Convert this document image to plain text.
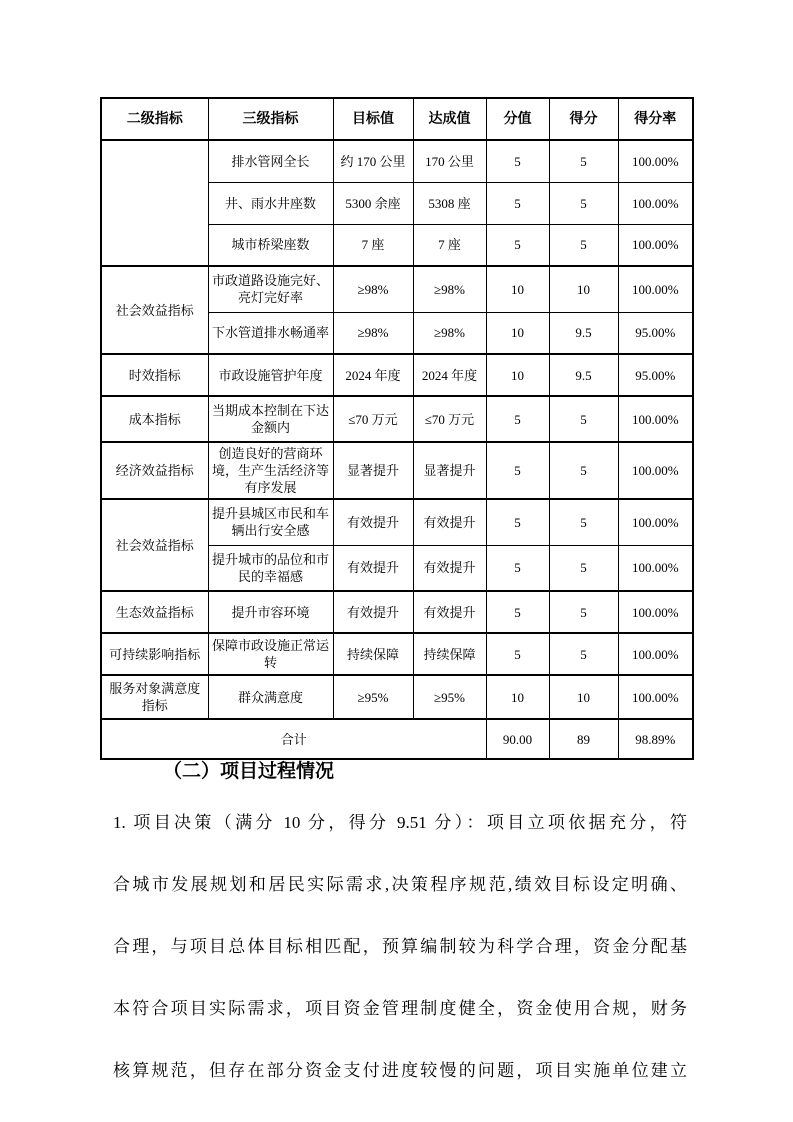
二级指标	三级指标	目标值	达成值	分值	得分	得分率
	排水管网全长	约 170 公里	170 公里	5	5	100.00%
	井、雨水井座数	5300 余座	5308 座	5	5	100.00%
	城市桥梁座数	7 座	7 座	5	5	100.00%
社会效益指标	市政道路设施完好、亮灯完好率	≥98%	≥98%	10	10	100.00%
	下水管道排水畅通率	≥98%	≥98%	10	9.5	95.00%
时效指标	市政设施管护年度	2024 年度	2024 年度	10	9.5	95.00%
成本指标	当期成本控制在下达金额内	≤70 万元	≤70 万元	5	5	100.00%
经济效益指标	创造良好的营商环境，生产生活经济等有序发展	显著提升	显著提升	5	5	100.00%
社会效益指标	提升县城区市民和车辆出行安全感	有效提升	有效提升	5	5	100.00%
	提升城市的品位和市民的幸福感	有效提升	有效提升	5	5	100.00%
生态效益指标	提升市容环境	有效提升	有效提升	5	5	100.00%
可持续影响指标	保障市政设施正常运转	持续保障	持续保障	5	5	100.00%
服务对象满意度指标	群众满意度	≥95%	≥95%	10	10	100.00%
合计				90.00	89	98.89%
（二）项目过程情况
1. 项目决策（满分 10 分，得分 9.51 分）：项目立项依据充分，符
合城市发展规划和居民实际需求,决策程序规范,绩效目标设定明确、
合理，与项目总体目标相匹配，预算编制较为科学合理，资金分配基
本符合项目实际需求，项目资金管理制度健全，资金使用合规，财务
核算规范，但存在部分资金支付进度较慢的问题，项目实施单位建立
